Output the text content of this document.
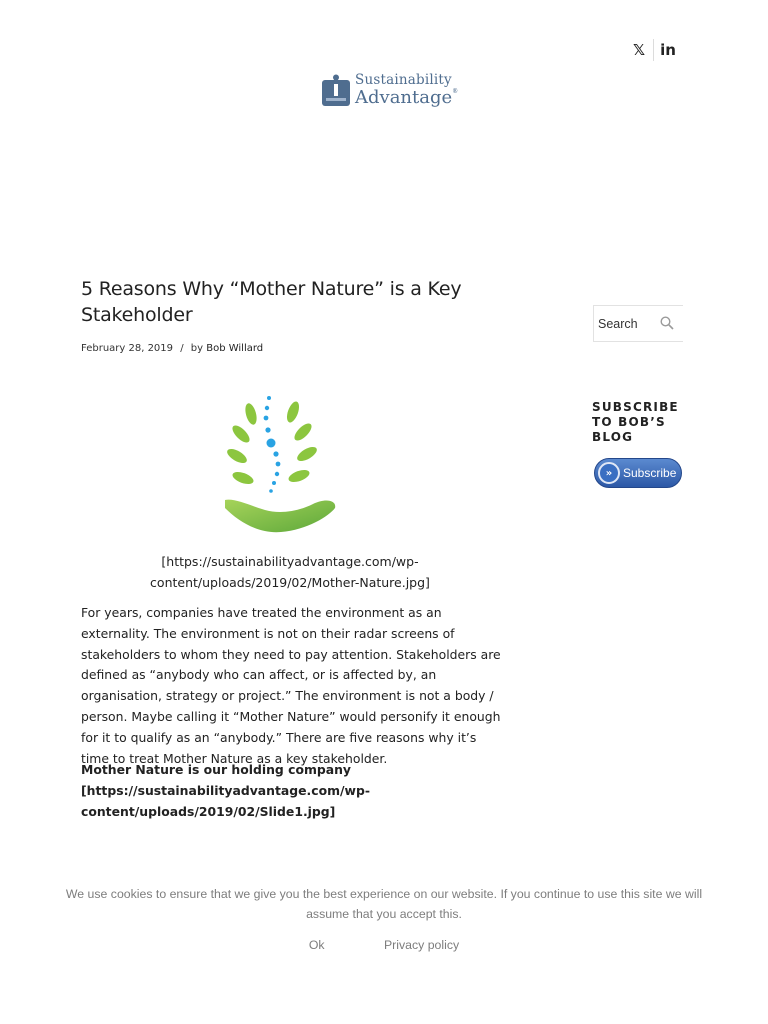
𝕏	in
Sustainability
Advantage®
5 Reasons Why “Mother Nature” is a Key Stakeholder
February 28, 2019 / by Bob Willard

[https://sustainabilityadvantage.com/wp-content/uploads/2019/02/Mother-Nature.jpg]

For years, companies have treated the environment as an externality. The environment is not on their radar screens of stakeholders to whom they need to pay attention. Stakeholders are defined as “anybody who can affect, or is affected by, an organisation, strategy or project.” The environment is not a body / person. Maybe calling it “Mother Nature” would personify it enough for it to qualify as an “anybody.” There are five reasons why it’s time to treat Mother Nature as a key stakeholder.

Mother Nature is our holding company [https://sustainabilityadvantage.com/wp-content/uploads/2019/02/Slide1.jpg]

Search
SUBSCRIBE TO BOB’S BLOG
» Subscribe

We use cookies to ensure that we give you the best experience on our website. If you continue to use this site we will assume that you accept this.

Ok	Privacy policy
